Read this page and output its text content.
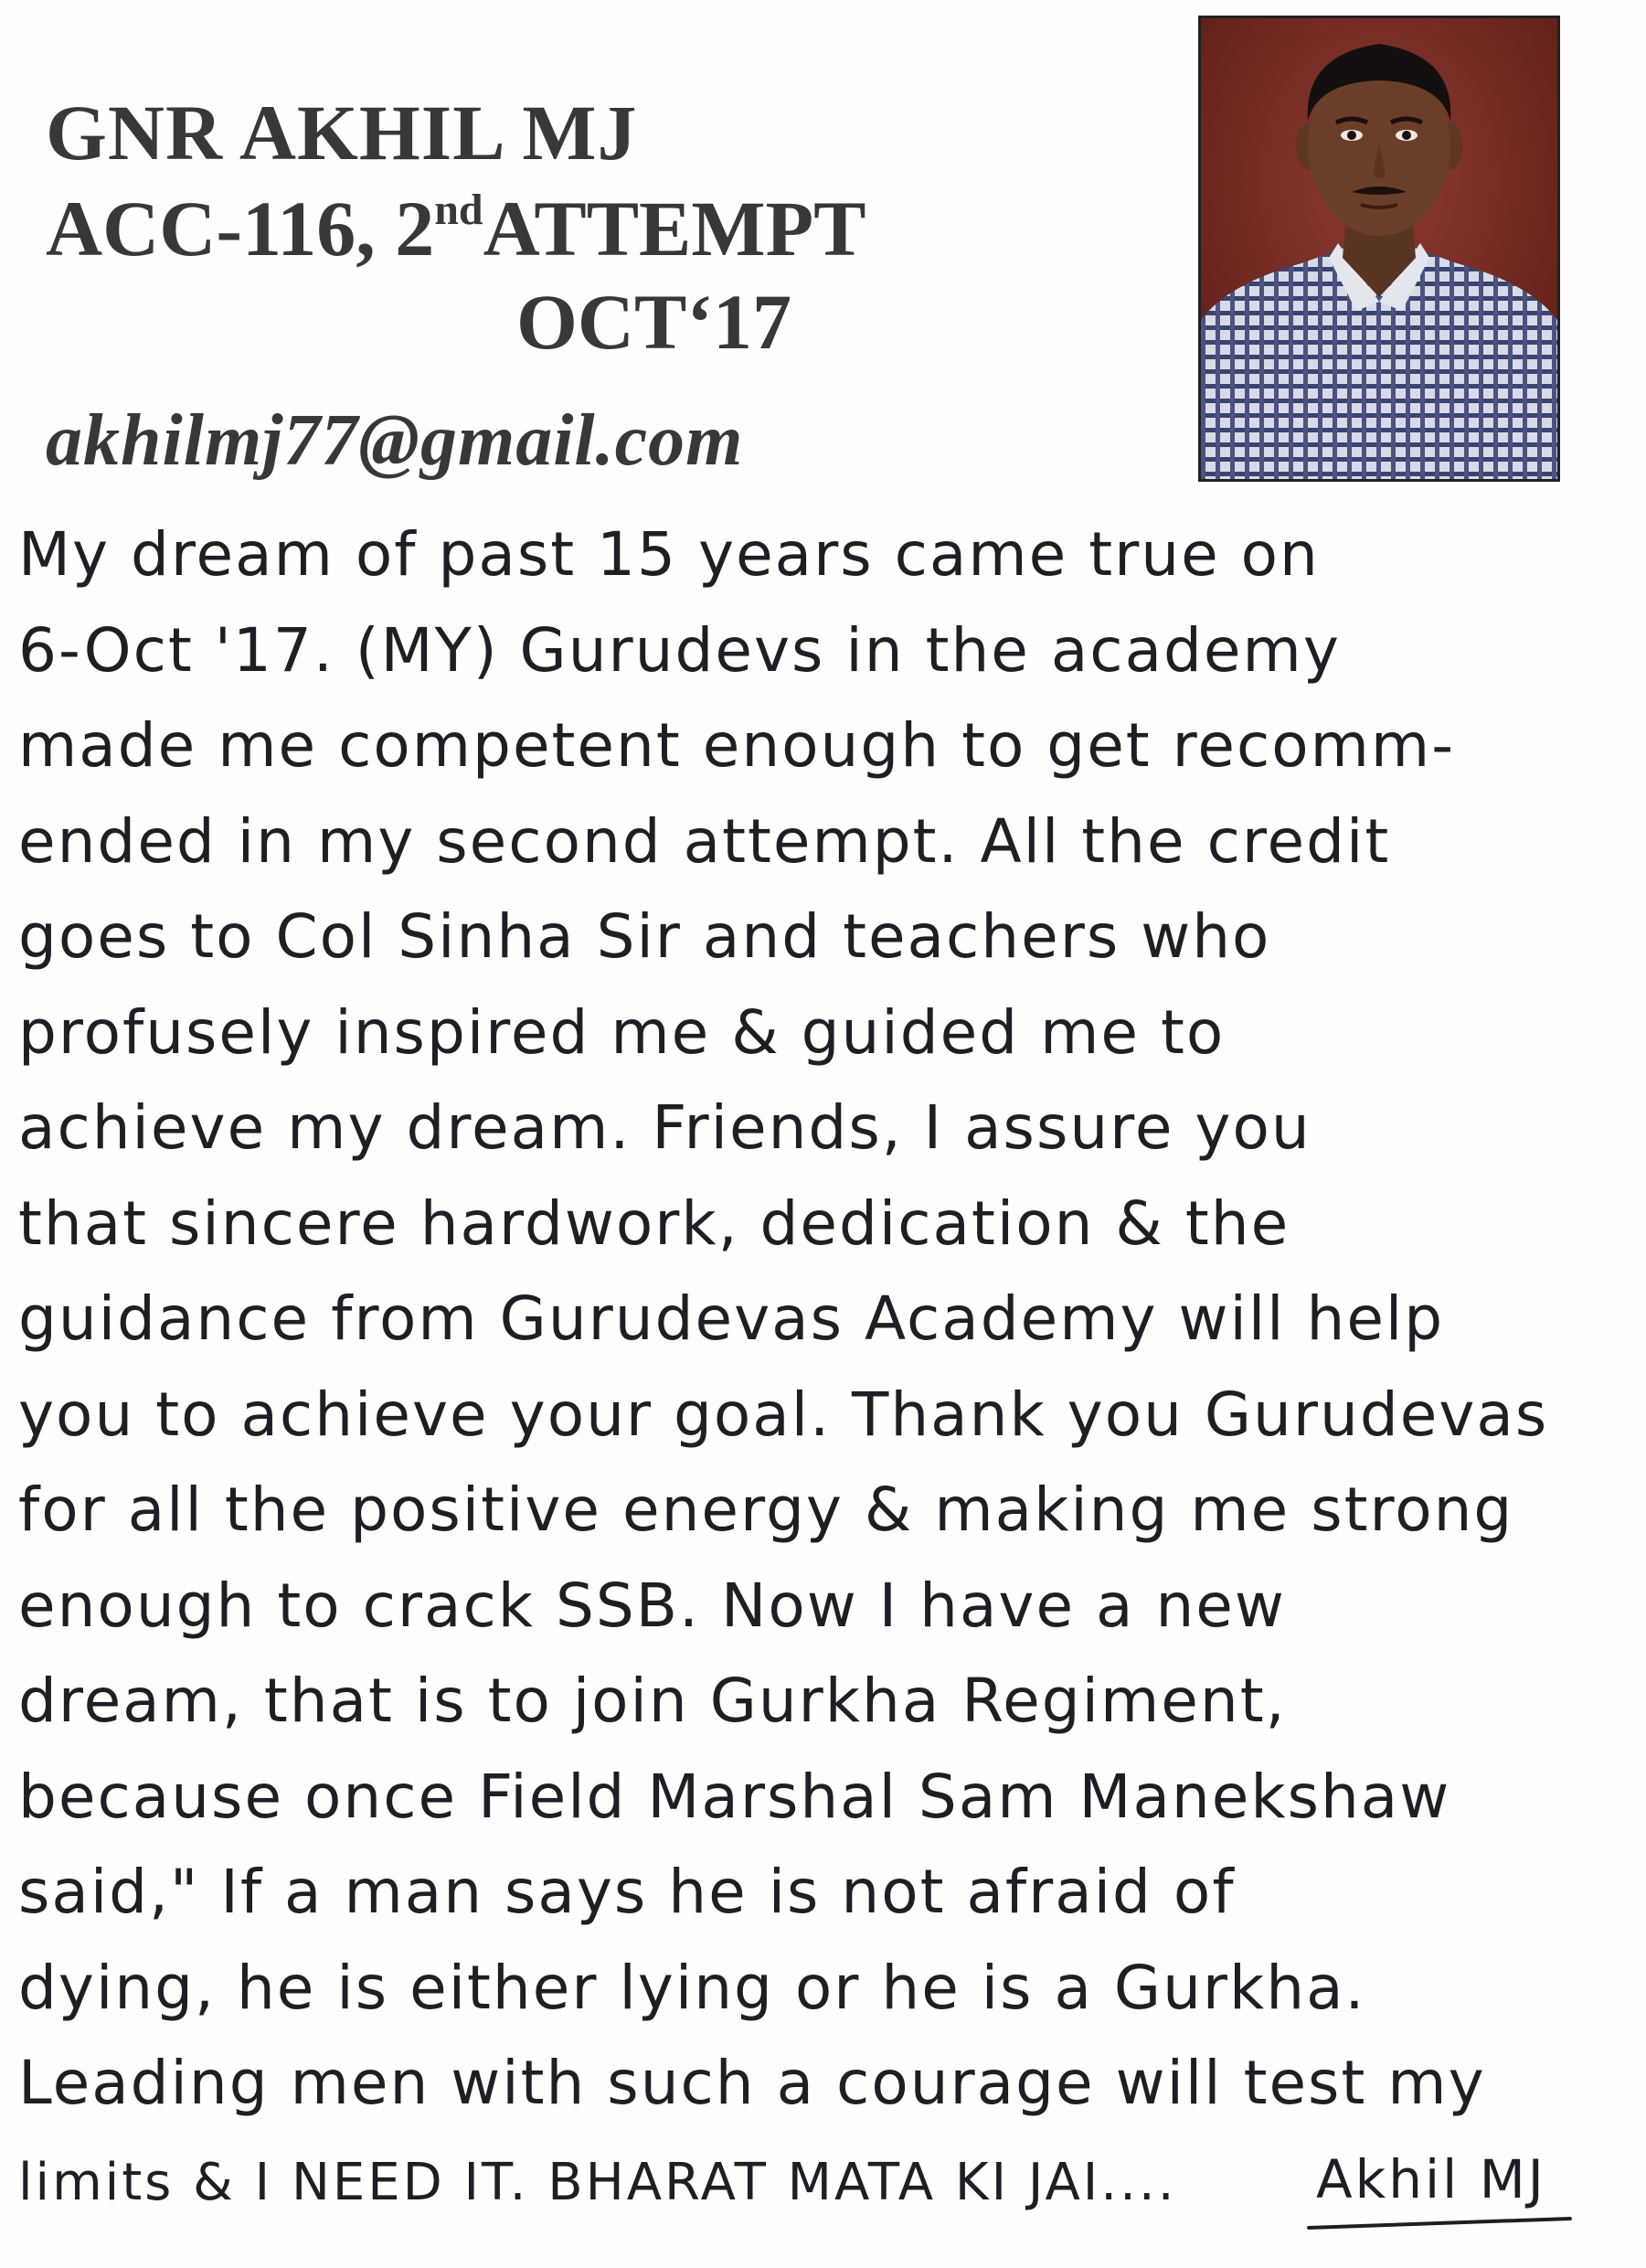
GNR AKHIL MJ
ACC-116, 2ndATTEMPT
OCT‘17
akhilmj77@gmail.com
My dream of past 15 years came true on
6-Oct '17. (MY) Gurudevs in the academy
made me competent enough to get recomm-
ended in my second attempt. All the credit
goes to Col Sinha Sir and teachers who
profusely inspired me & guided me to
achieve my dream. Friends, I assure you
that sincere hardwork, dedication & the
guidance from Gurudevas Academy will help
you to achieve your goal. Thank you Gurudevas
for all the positive energy & making me strong
enough to crack SSB. Now I have a new
dream, that is to join Gurkha Regiment,
because once Field Marshal Sam Manekshaw
said," If a man says he is not afraid of
dying, he is either lying or he is a Gurkha.
Leading men with such a courage will test my
limits & I NEED IT. BHARAT MATA KI JAI....	Akhil MJ
